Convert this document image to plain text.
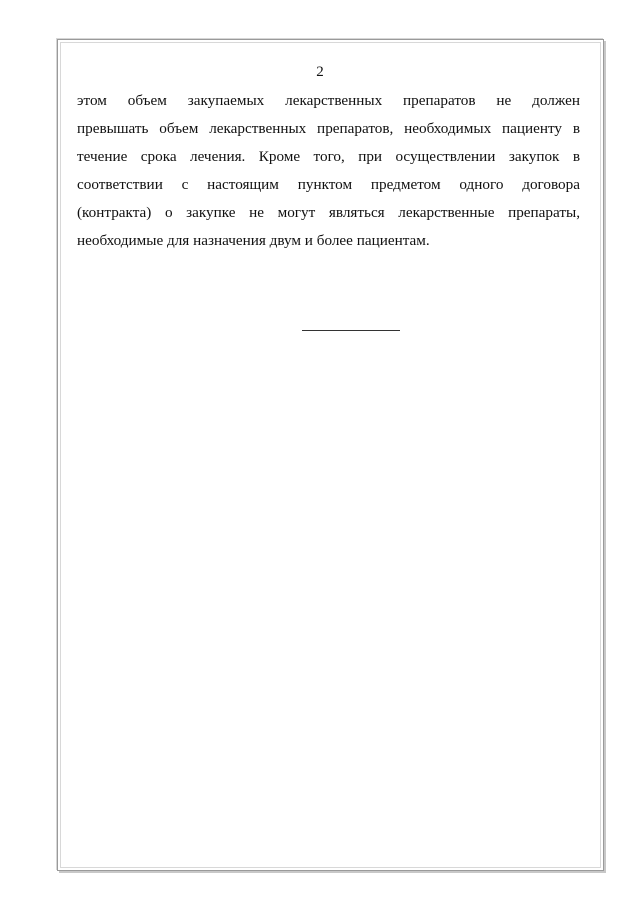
2
этом объем закупаемых лекарственных препаратов не должен
превышать объем лекарственных препаратов, необходимых пациенту в
течение срока лечения. Кроме того, при осуществлении закупок в
соответствии с настоящим пунктом предметом одного договора
(контракта) о закупке не могут являться лекарственные препараты,
необходимые для назначения двум и более пациентам.
